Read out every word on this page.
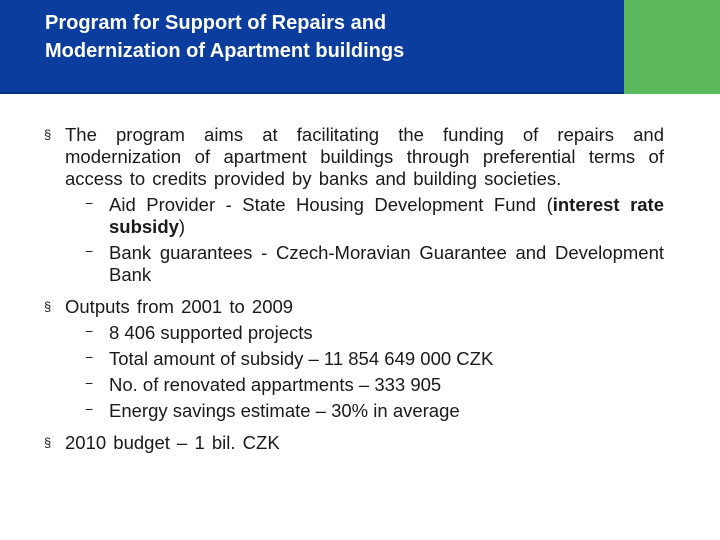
Program for Support of Repairs and
Modernization of Apartment buildings
§ The program aims at facilitating the funding of repairs and modernization of apartment buildings through preferential terms of access to credits provided by banks and building societies.
− Aid Provider - State Housing Development Fund (interest rate subsidy)
− Bank guarantees - Czech-Moravian Guarantee and Development Bank
§ Outputs from 2001 to 2009
− 8 406 supported projects
− Total amount of subsidy – 11 854 649 000 CZK
− No. of renovated appartments – 333 905
− Energy savings estimate – 30% in average
§ 2010 budget – 1 bil. CZK
